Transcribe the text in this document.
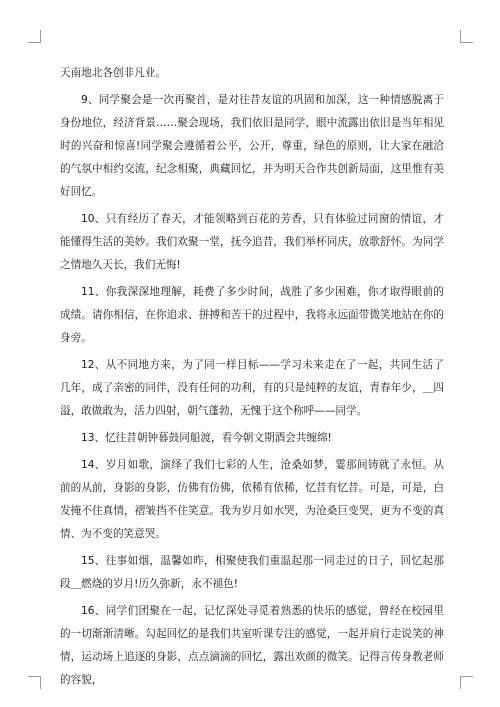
天南地北各创非凡业。

9、同学聚会是一次再聚首，是对往昔友谊的巩固和加深，这一种情感脱离于身份地位，经济背景……聚会现场，我们依旧是同学，眼中流露出依旧是当年相见时的兴奋和惊喜!同学聚会遵循着公平，公开，尊重，绿色的原则，让大家在融洽的气氛中相约交流，纪念相聚，典藏回忆，并为明天合作共创新局面，这里惟有美好回忆。

10、只有经历了春天，才能领略到百花的芳香，只有体验过同窗的情谊，才能懂得生活的美妙。我们欢聚一堂，抚今追昔，我们举杯同庆，放歌舒怀。为同学之情地久天长，我们无悔!

11、你我深深地理解，耗费了多少时间，战胜了多少困难，你才取得眼前的成绩。请你相信，在你追求、拼搏和苦干的过程中，我将永远面带微笑地站在你的身旁。

12、从不同地方来，为了同一样目标——学习未来走在了一起，共同生活了几年，成了亲密的同伴，没有任何的功利，有的只是纯粹的友谊，青春年少，＿四溢，敢做敢为，活力四射，朝气蓬勃，无愧于这个称呼——同学。

13、忆往昔朝钟暮鼓同船渡，看今朝文期酒会共缠绵!

14、岁月如歌，演绎了我们七彩的人生，沧桑如梦，霎那间铸就了永恒。从前的从前，身影的身影，仿佛有仿佛，依稀有依稀，忆昔有忆昔。可是，可是，白发掩不住真情，褶皱挡不住笑意。我为岁月如水哭，为沧桑巨变哭，更为不变的真情、为不变的笑意哭。

15、往事如烟，温馨如昨，相聚使我们重温起那一同走过的日子，回忆起那段＿燃烧的岁月!历久弥新，永不褪色!

16、同学们团聚在一起，记忆深处寻觅着熟悉的快乐的感觉，曾经在校园里的一切渐渐清晰。勾起回忆的是我们共室听课专注的感觉，一起并肩行走说笑的神情，运动场上追逐的身影，点点滴滴的回忆，露出欢颜的微笑。记得言传身教老师的容貌，
